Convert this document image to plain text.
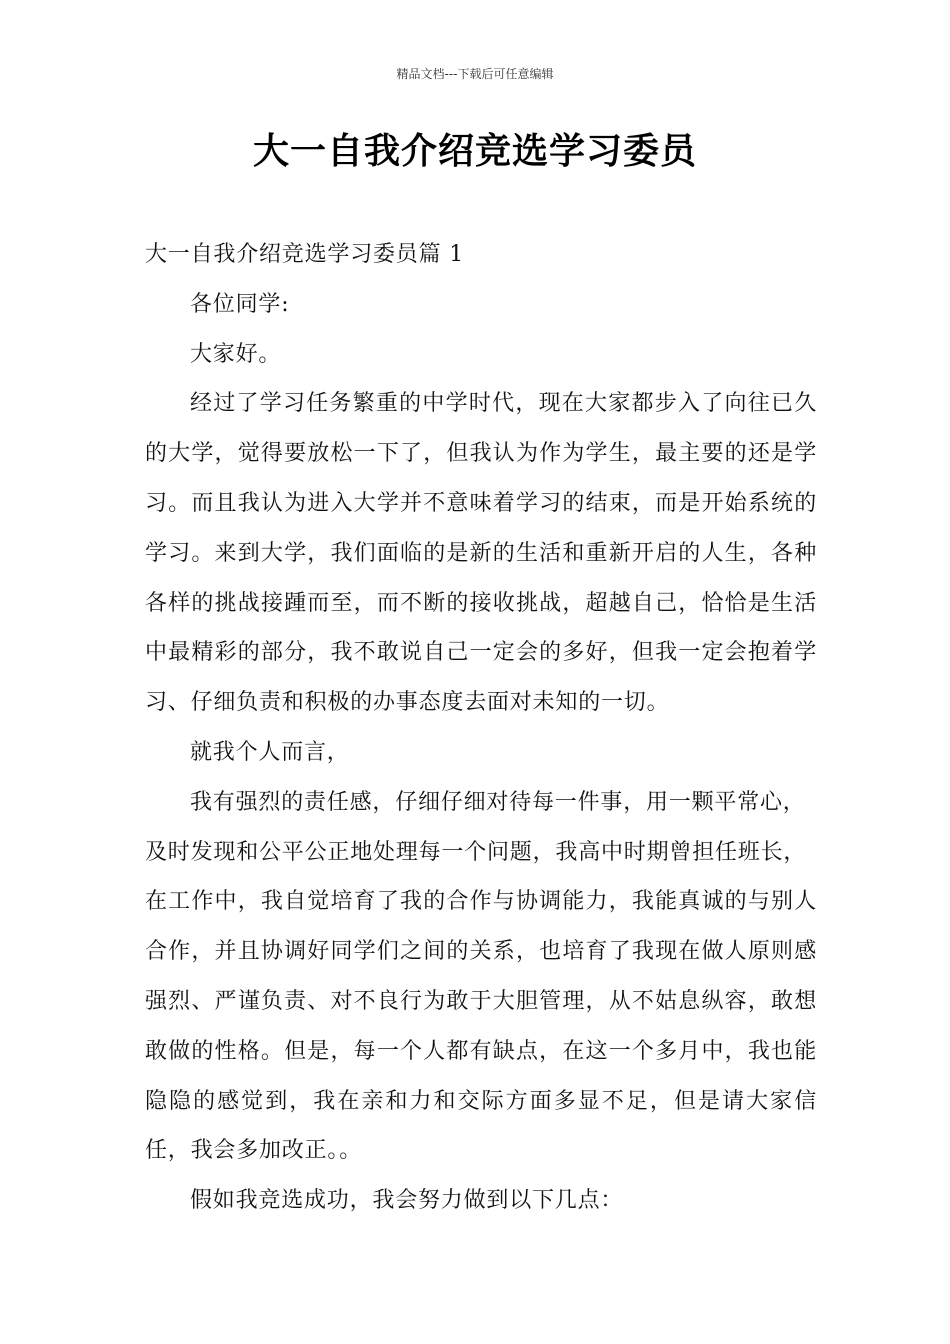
精品文档---下载后可任意编辑
大一自我介绍竞选学习委员

大一自我介绍竞选学习委员篇 1

各位同学:

大家好。

经过了学习任务繁重的中学时代，现在大家都步入了向往已久的大学，觉得要放松一下了，但我认为作为学生，最主要的还是学习。而且我认为进入大学并不意味着学习的结束，而是开始系统的学习。来到大学，我们面临的是新的生活和重新开启的人生，各种各样的挑战接踵而至，而不断的接收挑战，超越自己，恰恰是生活中最精彩的部分，我不敢说自己一定会的多好，但我一定会抱着学习、仔细负责和积极的办事态度去面对未知的一切。

就我个人而言，

我有强烈的责任感，仔细仔细对待每一件事，用一颗平常心，

及时发现和公平公正地处理每一个问题，我高中时期曾担任班长，

在工作中，我自觉培育了我的合作与协调能力，我能真诚的与别人合作，并且协调好同学们之间的关系，也培育了我现在做人原则感强烈、严谨负责、对不良行为敢于大胆管理，从不姑息纵容，敢想敢做的性格。但是，每一个人都有缺点，在这一个多月中，我也能隐隐的感觉到，我在亲和力和交际方面多显不足，但是请大家信任，我会多加改正。。

假如我竞选成功，我会努力做到以下几点：
